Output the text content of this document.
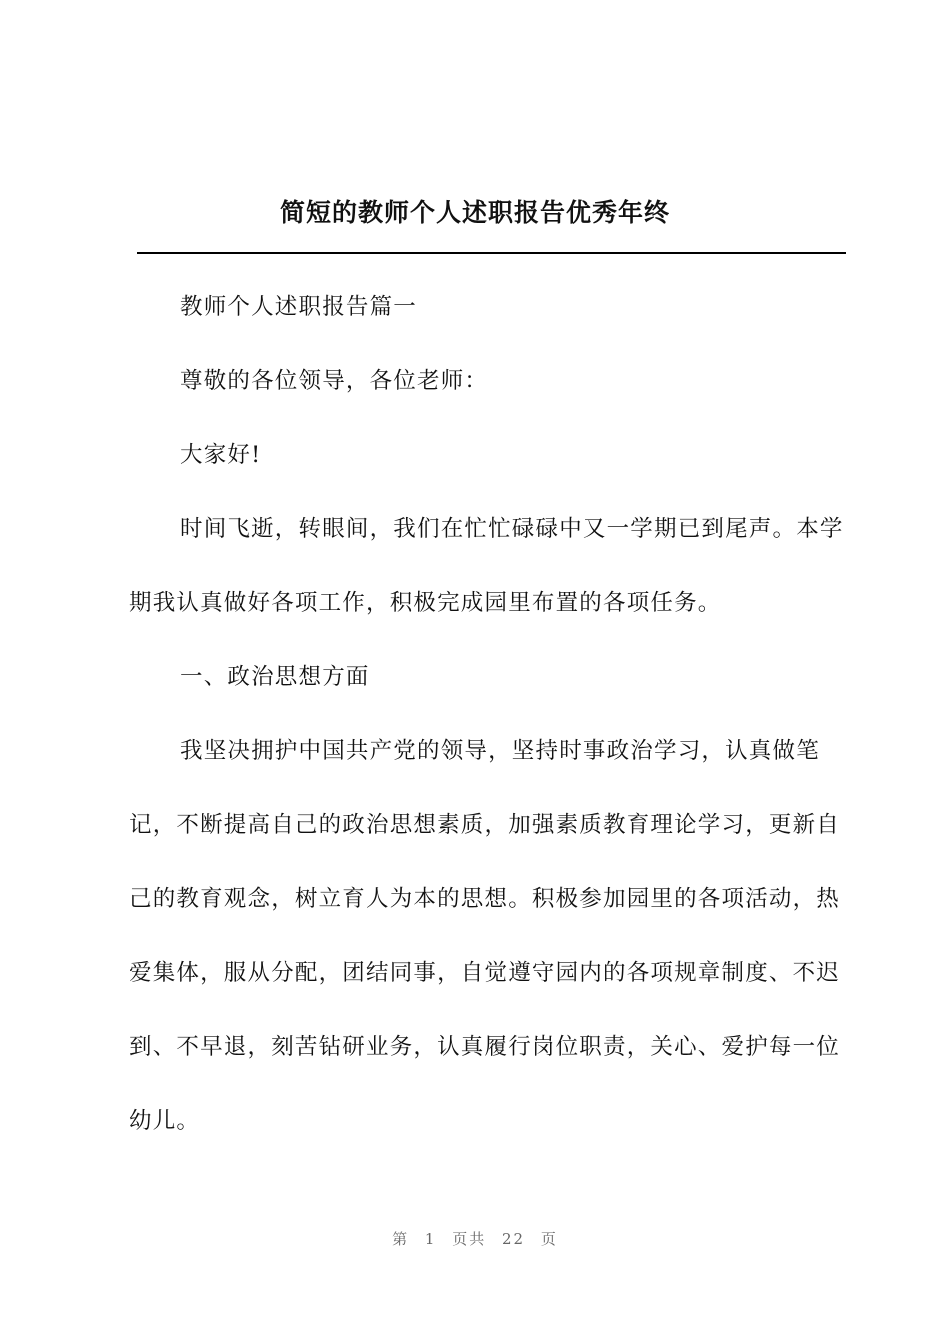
简短的教师个人述职报告优秀年终

教师个人述职报告篇一

尊敬的各位领导，各位老师：

大家好!

时间飞逝，转眼间，我们在忙忙碌碌中又一学期已到尾声。本学期我认真做好各项工作，积极完成园里布置的各项任务。

一、政治思想方面

我坚决拥护中国共产党的领导，坚持时事政治学习，认真做笔记，不断提高自己的政治思想素质，加强素质教育理论学习，更新自己的教育观念，树立育人为本的思想。积极参加园里的各项活动，热爱集体，服从分配，团结同事，自觉遵守园内的各项规章制度、不迟到、不早退，刻苦钻研业务，认真履行岗位职责，关心、爱护每一位幼儿。

第 1 页共 22 页
